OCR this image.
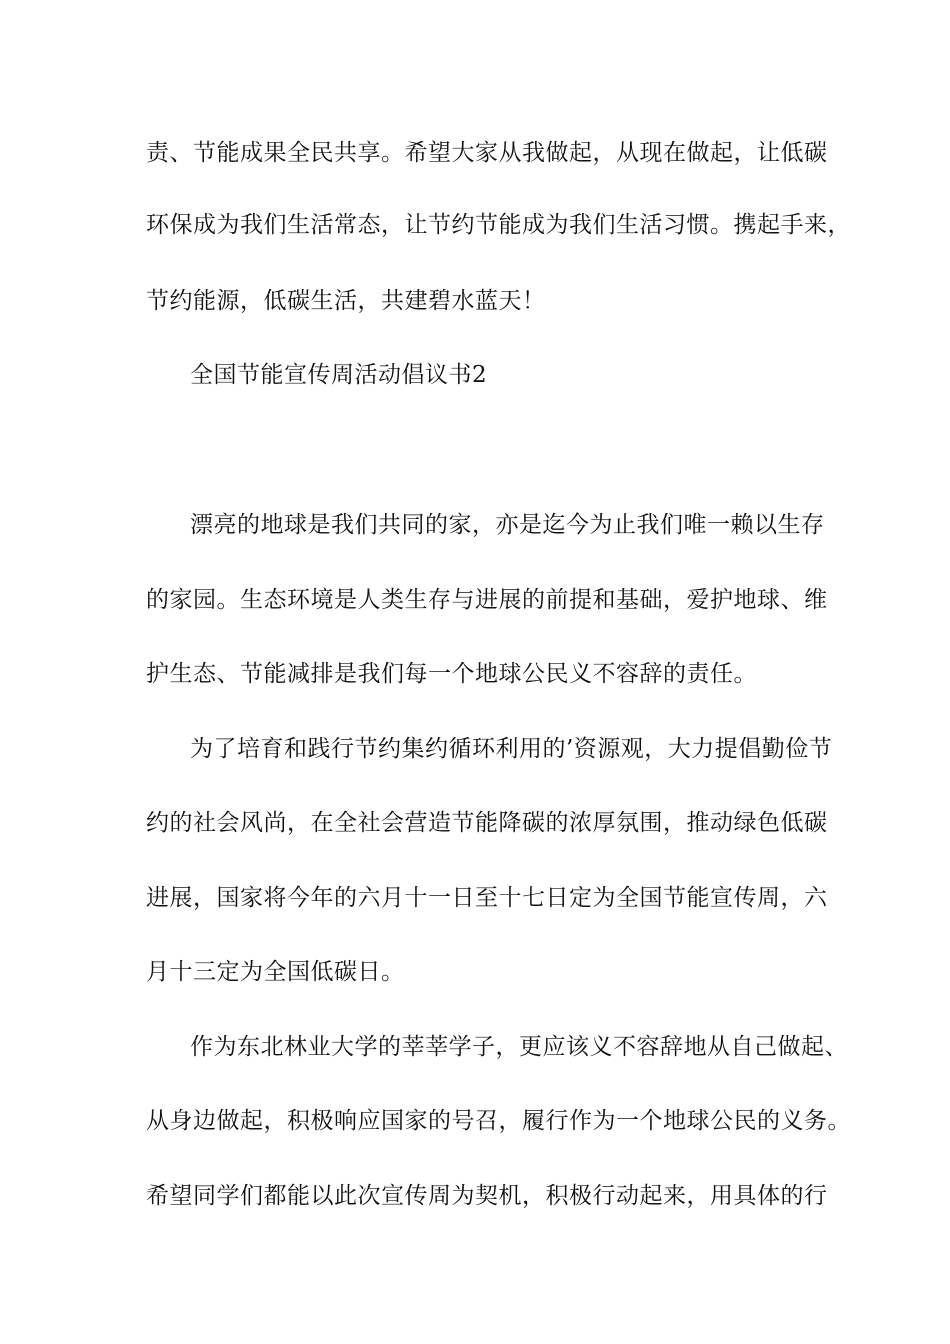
责、节能成果全民共享。希望大家从我做起，从现在做起，让低碳

环保成为我们生活常态，让节约节能成为我们生活习惯。携起手来，

节约能源，低碳生活，共建碧水蓝天！

全国节能宣传周活动倡议书2

漂亮的地球是我们共同的家，亦是迄今为止我们唯一赖以生存

的家园。生态环境是人类生存与进展的前提和基础，爱护地球、维

护生态、节能减排是我们每一个地球公民义不容辞的责任。

为了培育和践行节约集约循环利用的’资源观，大力提倡勤俭节

约的社会风尚，在全社会营造节能降碳的浓厚氛围，推动绿色低碳

进展，国家将今年的六月十一日至十七日定为全国节能宣传周，六

月十三定为全国低碳日。

作为东北林业大学的莘莘学子，更应该义不容辞地从自己做起、

从身边做起，积极响应国家的号召，履行作为一个地球公民的义务。

希望同学们都能以此次宣传周为契机，积极行动起来，用具体的行
